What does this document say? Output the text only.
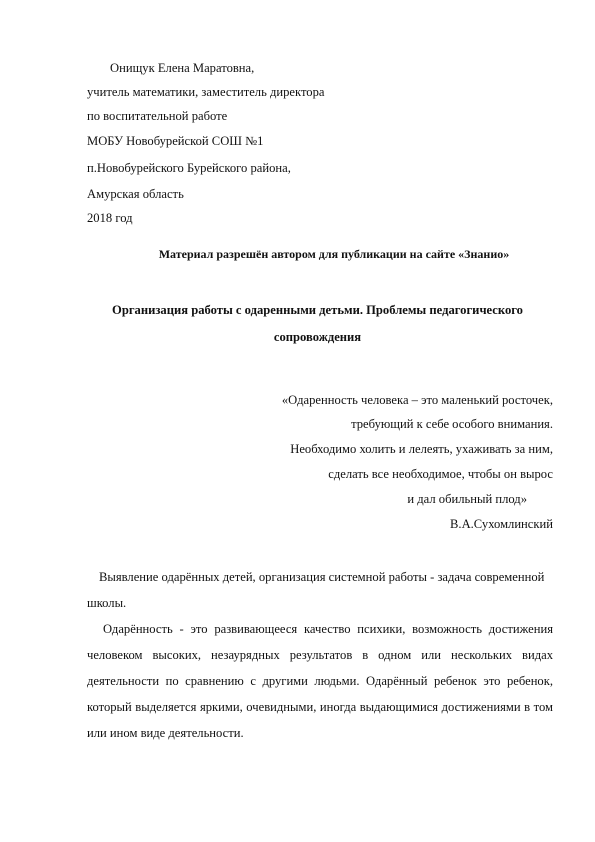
Онищук Елена Маратовна,
учитель математики, заместитель директора
по воспитательной работе
МОБУ Новобурейской СОШ №1
п.Новобурейского Бурейского района,
Амурская область
2018 год
Материал разрешён автором для публикации на сайте «Знанио»
Организация работы с одаренными детьми. Проблемы педагогического
сопровождения
«Одаренность человека – это маленький росточек,
требующий к себе особого внимания.
Необходимо холить и лелеять, ухаживать за ним,
сделать все необходимое, чтобы он вырос
и дал обильный плод»
В.А.Сухомлинский

Выявление одарённых детей, организация системной работы - задача современной школы.

Одарённость - это развивающееся качество психики, возможность достижения человеком высоких, незаурядных результатов в одном или нескольких видах деятельности по сравнению с другими людьми. Одарённый ребенок это ребенок, который выделяется яркими, очевидными, иногда выдающимися достижениями в том или ином виде деятельности.
